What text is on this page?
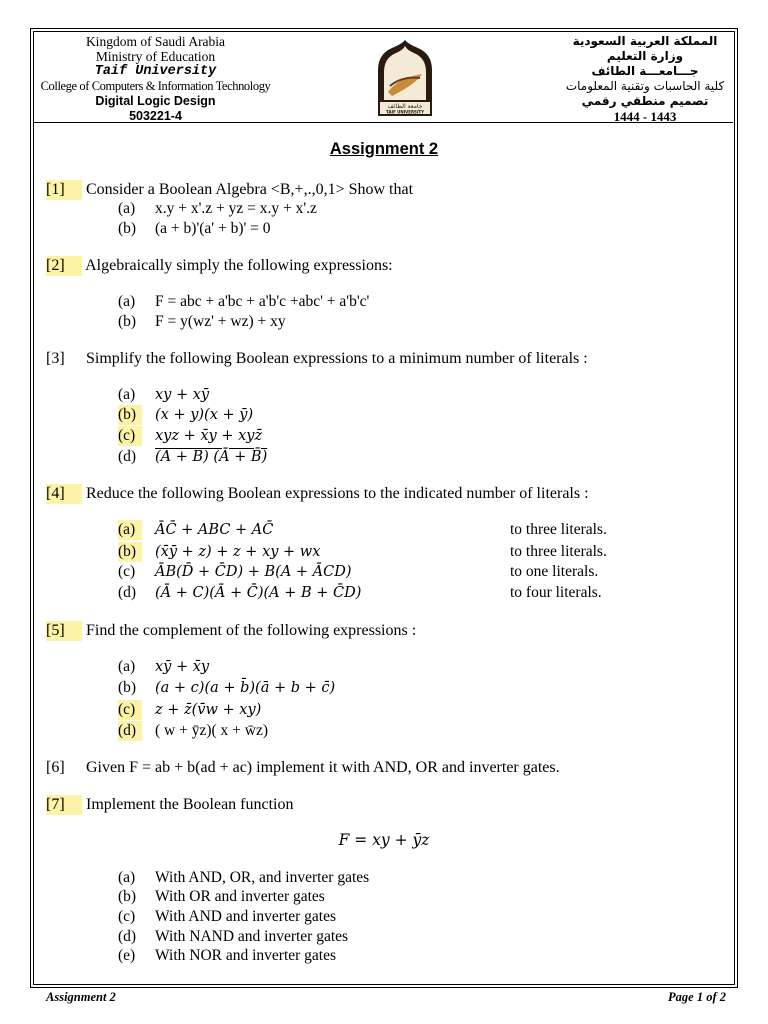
Kingdom of Saudi Arabia
Ministry of Education
Taif University
College of Computers & Information Technology
Digital Logic Design
503221-4
جامعة الطائف
TAIF UNIVERSITY
المملكة العربية السعودية
وزارة التعليم
جـــامعـــة الطائف
كلية الحاسبات وتقنية المعلومات
تصميم منطقي رقمي
1444 - 1443
Assignment 2
[1] Consider a Boolean Algebra <B,+,.,0,1> Show that
(a) x.y + x'.z + yz = x.y + x'.z
(b) (a + b)'(a' + b)' = 0
[2] Algebraically simply the following expressions:
(a) F = abc + a'bc + a'b'c +abc' + a'b'c'
(b) F = y(wz' + wz) + xy
[3] Simplify the following Boolean expressions to a minimum number of literals :
(a) xy + xȳ
(b) (x + y)(x + ȳ)
(c) xyz + x̄y + xyz̄
(d) (A + B) (Ā + B̄)
[4] Reduce the following Boolean expressions to the indicated number of literals :
(a) ĀC̄ + ABC + AC̄	to three literals.
(b) (x̄ȳ + z) + z + xy + wx	to three literals.
(c) ĀB(D̄ + C̄D) + B(A + ĀCD)	to one literals.
(d) (Ā + C)(Ā + C̄)(A + B + C̄D)	to four literals.
[5] Find the complement of the following expressions :
(a) xȳ + x̄y
(b) (a + c)(a + b̄)(ā + b + c̄)
(c) z + z̄(v̄w + xy)
(d) ( w + ȳz)( x + w̄z)
[6] Given F = ab + b(ad + ac) implement it with AND, OR and inverter gates.
[7] Implement the Boolean function
F = xy + ȳz
(a) With AND, OR, and inverter gates
(b) With OR and inverter gates
(c) With AND and inverter gates
(d) With NAND and inverter gates
(e) With NOR and inverter gates
Assignment 2	Page 1 of 2
